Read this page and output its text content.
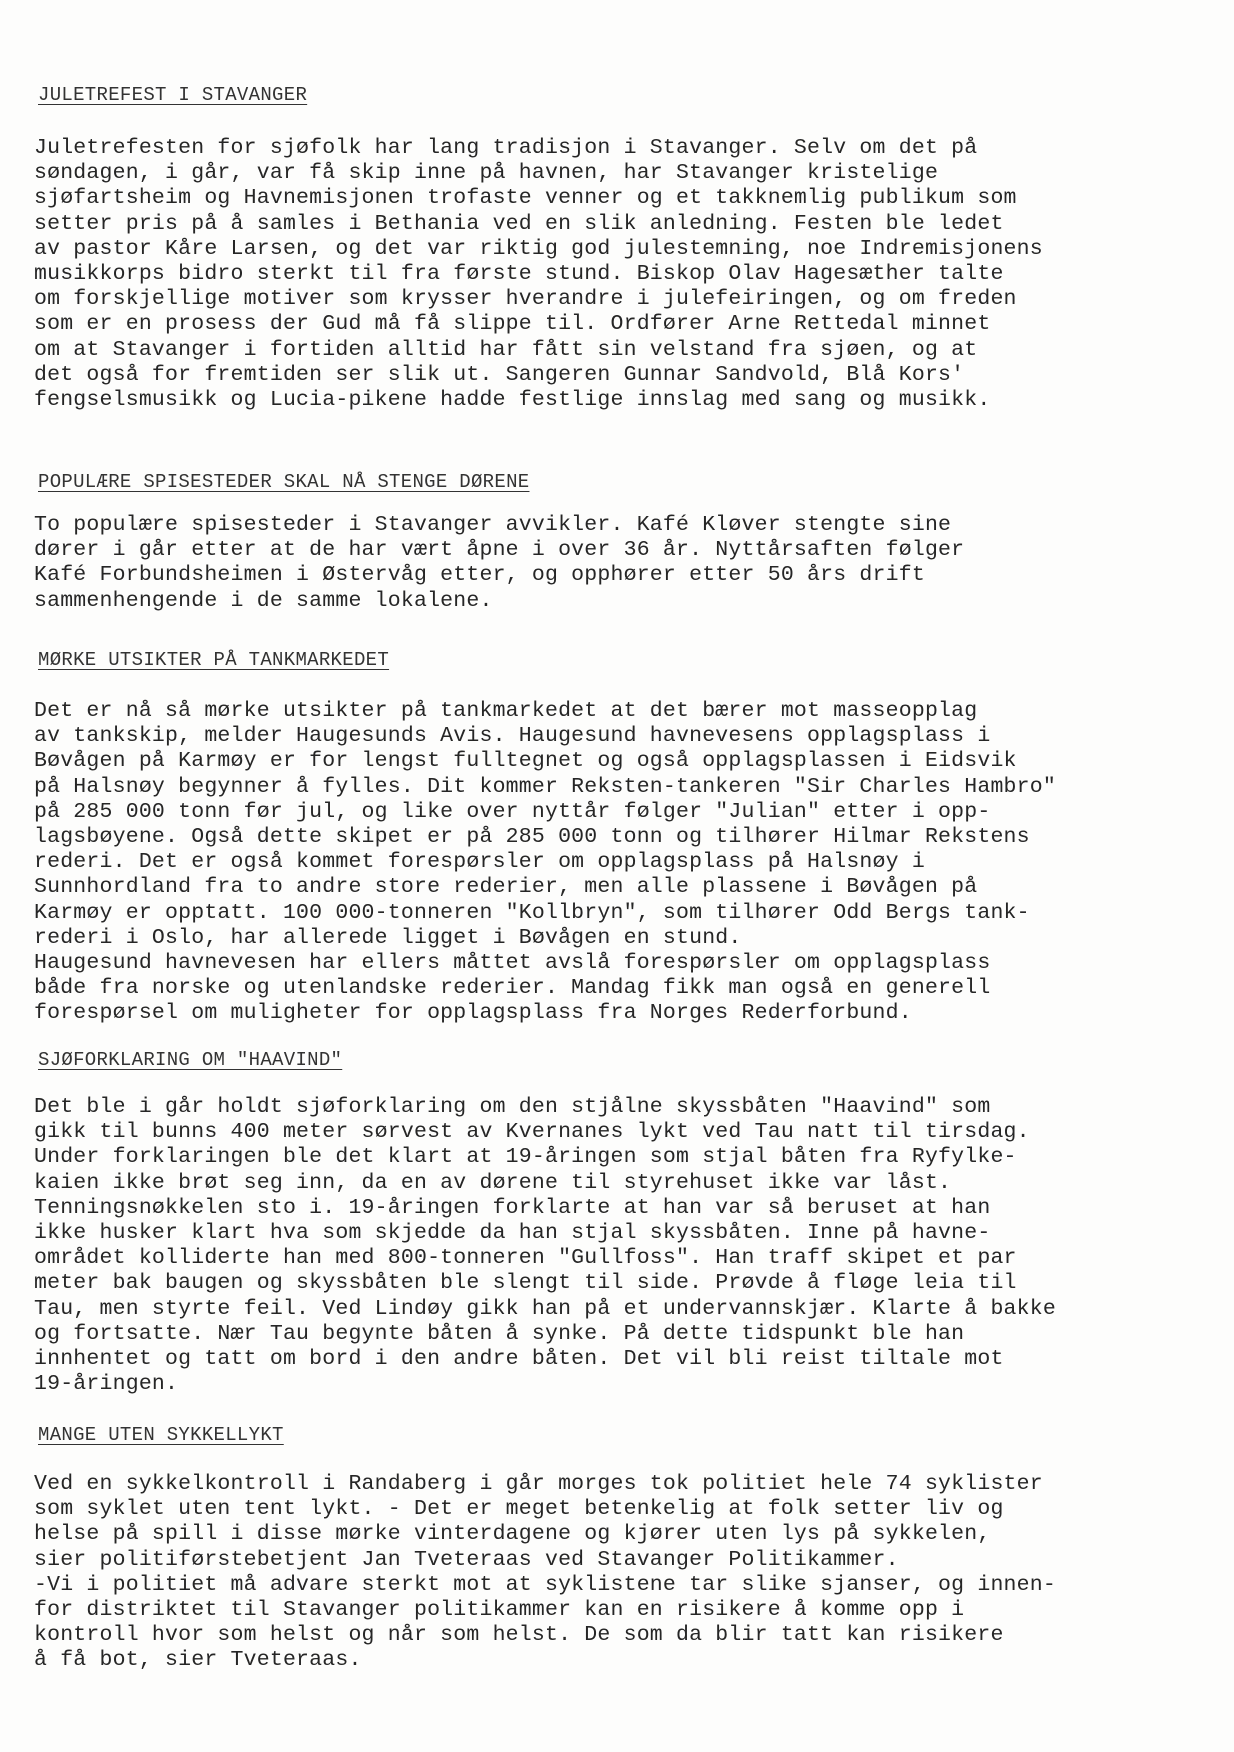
JULETREFEST I STAVANGER
Juletrefesten for sjøfolk har lang tradisjon i Stavanger. Selv om det på
søndagen, i går, var få skip inne på havnen, har Stavanger kristelige
sjøfartsheim og Havnemisjonen trofaste venner og et takknemlig publikum som
setter pris på å samles i Bethania ved en slik anledning. Festen ble ledet
av pastor Kåre Larsen, og det var riktig god julestemning, noe Indremisjonens
musikkorps bidro sterkt til fra første stund. Biskop Olav Hagesæther talte
om forskjellige motiver som krysser hverandre i julefeiringen, og om freden
som er en prosess der Gud må få slippe til. Ordfører Arne Rettedal minnet
om at Stavanger i fortiden alltid har fått sin velstand fra sjøen, og at
det også for fremtiden ser slik ut. Sangeren Gunnar Sandvold, Blå Kors'
fengselsmusikk og Lucia-pikene hadde festlige innslag med sang og musikk.
POPULÆRE SPISESTEDER SKAL NÅ STENGE DØRENE
To populære spisesteder i Stavanger avvikler. Kafé Kløver stengte sine
dører i går etter at de har vært åpne i over 36 år. Nyttårsaften følger
Kafé Forbundsheimen i Østervåg etter, og opphører etter 50 års drift
sammenhengende i de samme lokalene.
MØRKE UTSIKTER PÅ TANKMARKEDET
Det er nå så mørke utsikter på tankmarkedet at det bærer mot masseopplag
av tankskip, melder Haugesunds Avis. Haugesund havnevesens opplagsplass i
Bøvågen på Karmøy er for lengst fulltegnet og også opplagsplassen i Eidsvik
på Halsnøy begynner å fylles. Dit kommer Reksten-tankeren "Sir Charles Hambro"
på 285 000 tonn før jul, og like over nyttår følger "Julian" etter i opp-
lagsbøyene. Også dette skipet er på 285 000 tonn og tilhører Hilmar Rekstens
rederi. Det er også kommet forespørsler om opplagsplass på Halsnøy i
Sunnhordland fra to andre store rederier, men alle plassene i Bøvågen på
Karmøy er opptatt. 100 000-tonneren "Kollbryn", som tilhører Odd Bergs tank-
rederi i Oslo, har allerede ligget i Bøvågen en stund.
Haugesund havnevesen har ellers måttet avslå forespørsler om opplagsplass
både fra norske og utenlandske rederier. Mandag fikk man også en generell
forespørsel om muligheter for opplagsplass fra Norges Rederforbund.
SJØFORKLARING OM "HAAVIND"
Det ble i går holdt sjøforklaring om den stjålne skyssbåten "Haavind" som
gikk til bunns 400 meter sørvest av Kvernanes lykt ved Tau natt til tirsdag.
Under forklaringen ble det klart at 19-åringen som stjal båten fra Ryfylke-
kaien ikke brøt seg inn, da en av dørene til styrehuset ikke var låst.
Tenningsnøkkelen sto i. 19-åringen forklarte at han var så beruset at han
ikke husker klart hva som skjedde da han stjal skyssbåten. Inne på havne-
området kolliderte han med 800-tonneren "Gullfoss". Han traff skipet et par
meter bak baugen og skyssbåten ble slengt til side. Prøvde å fløge leia til
Tau, men styrte feil. Ved Lindøy gikk han på et undervannskjær. Klarte å bakke
og fortsatte. Nær Tau begynte båten å synke. På dette tidspunkt ble han
innhentet og tatt om bord i den andre båten. Det vil bli reist tiltale mot
19-åringen.
MANGE UTEN SYKKELLYKT
Ved en sykkelkontroll i Randaberg i går morges tok politiet hele 74 syklister
som syklet uten tent lykt. - Det er meget betenkelig at folk setter liv og
helse på spill i disse mørke vinterdagene og kjører uten lys på sykkelen,
sier politiførstebetjent Jan Tveteraas ved Stavanger Politikammer.
-Vi i politiet må advare sterkt mot at syklistene tar slike sjanser, og innen-
for distriktet til Stavanger politikammer kan en risikere å komme opp i
kontroll hvor som helst og når som helst. De som da blir tatt kan risikere
å få bot, sier Tveteraas.
